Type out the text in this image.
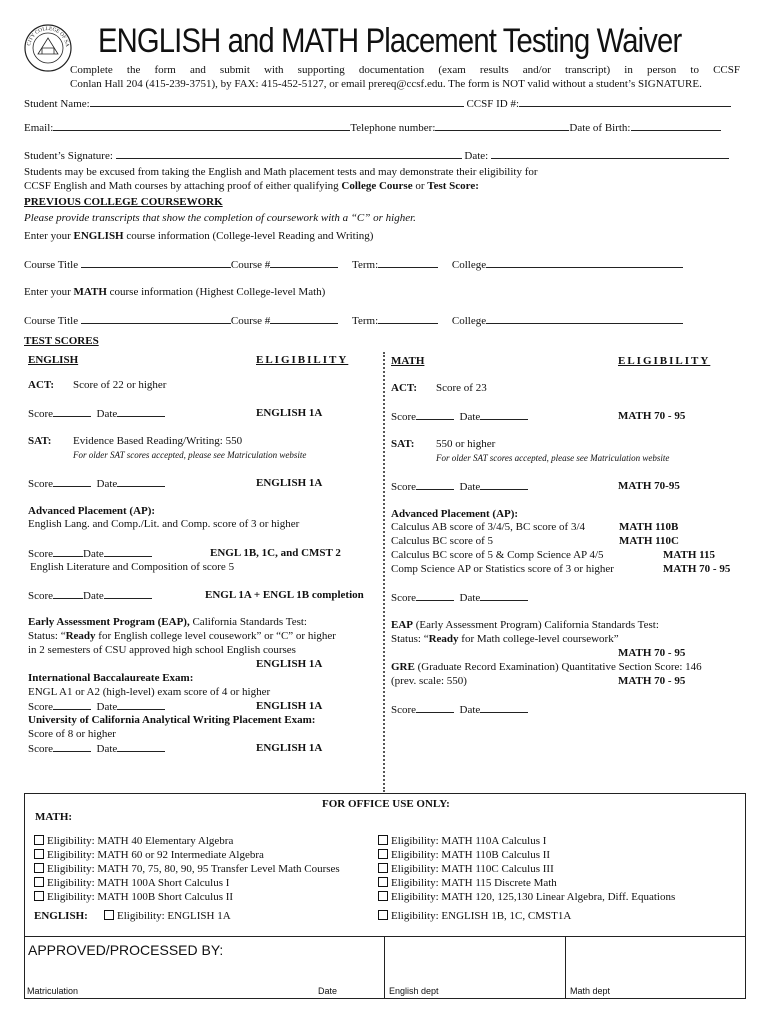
CITY COLLEGE OF SA ENGLISH and MATH Placement Testing Waiver
Complete the form and submit with supporting documentation (exam results and/or transcript) in person to CCSF
Conlan Hall 204 (415-239-3751), by FAX: 415-452-5127, or email prereq@ccsf.edu. The form is NOT valid without a student’s SIGNATURE.
Student Name:	CCSF ID #:
Email:	Telephone number:	Date of Birth:
Student’s Signature:	Date:
Students may be excused from taking the English and Math placement tests and may demonstrate their eligibility for
CCSF English and Math courses by attaching proof of either qualifying College Course or Test Score:
PREVIOUS COLLEGE COURSEWORK
Please provide transcripts that show the completion of coursework with a “C” or higher.
Enter your ENGLISH course information (College-level Reading and Writing)
Course Title	Course #	Term:	College
Enter your MATH course information (Highest College-level Math)
Course Title	Course #	Term:	College
TEST SCORES
ENGLISH	ELIGIBILITY	MATH	ELIGIBILITY
ACT: Score of 22 or higher
Score	Date	ENGLISH 1A
SAT: Evidence Based Reading/Writing: 550
For older SAT scores accepted, please see Matriculation website
Score	Date	ENGLISH 1A
Advanced Placement (AP):
English Lang. and Comp./Lit. and Comp. score of 3 or higher
Score	Date	ENGL 1B, 1C, and CMST 2
English Literature and Composition of score 5
Score	Date	ENGL 1A + ENGL 1B completion
Early Assessment Program (EAP), California Standards Test:
Status: “Ready for English college level cousework” or “C” or higher
in 2 semesters of CSU approved high school English courses
ENGLISH 1A
International Baccalaureate Exam:
ENGL A1 or A2 (high-level) exam score of 4 or higher
Score	Date	ENGLISH 1A
University of California Analytical Writing Placement Exam:
Score of 8 or higher
Score	Date	ENGLISH 1A
ACT: Score of 23
Score	Date	MATH 70 - 95
SAT: 550 or higher
For older SAT scores accepted, please see Matriculation website
Score	Date	MATH 70-95
Advanced Placement (AP):
Calculus AB score of 3/4/5, BC score of 3/4	MATH 110B
Calculus BC score of 5	MATH 110C
Calculus BC score of 5 & Comp Science AP 4/5	MATH 115
Comp Science AP or Statistics score of 3 or higher	MATH 70 - 95
Score	Date
EAP (Early Assessment Program) California Standards Test:
Status: “Ready for Math college-level coursework”
MATH 70 - 95
GRE (Graduate Record Examination) Quantitative Section Score: 146
(prev. scale: 550)	MATH 70 - 95
Score	Date
FOR OFFICE USE ONLY:
MATH:
Eligibility: MATH 40 Elementary Algebra
Eligibility: MATH 60 or 92 Intermediate Algebra
Eligibility: MATH 70, 75, 80, 90, 95 Transfer Level Math Courses
Eligibility: MATH 100A Short Calculus I
Eligibility: MATH 100B Short Calculus II
Eligibility: MATH 110A Calculus I
Eligibility: MATH 110B Calculus II
Eligibility: MATH 110C Calculus III
Eligibility: MATH 115 Discrete Math
Eligibility: MATH 120, 125,130 Linear Algebra, Diff. Equations
ENGLISH:	Eligibility: ENGLISH 1A	Eligibility: ENGLISH 1B, 1C, CMST1A
APPROVED/PROCESSED BY:
Matriculation	Date	English dept	Math dept
